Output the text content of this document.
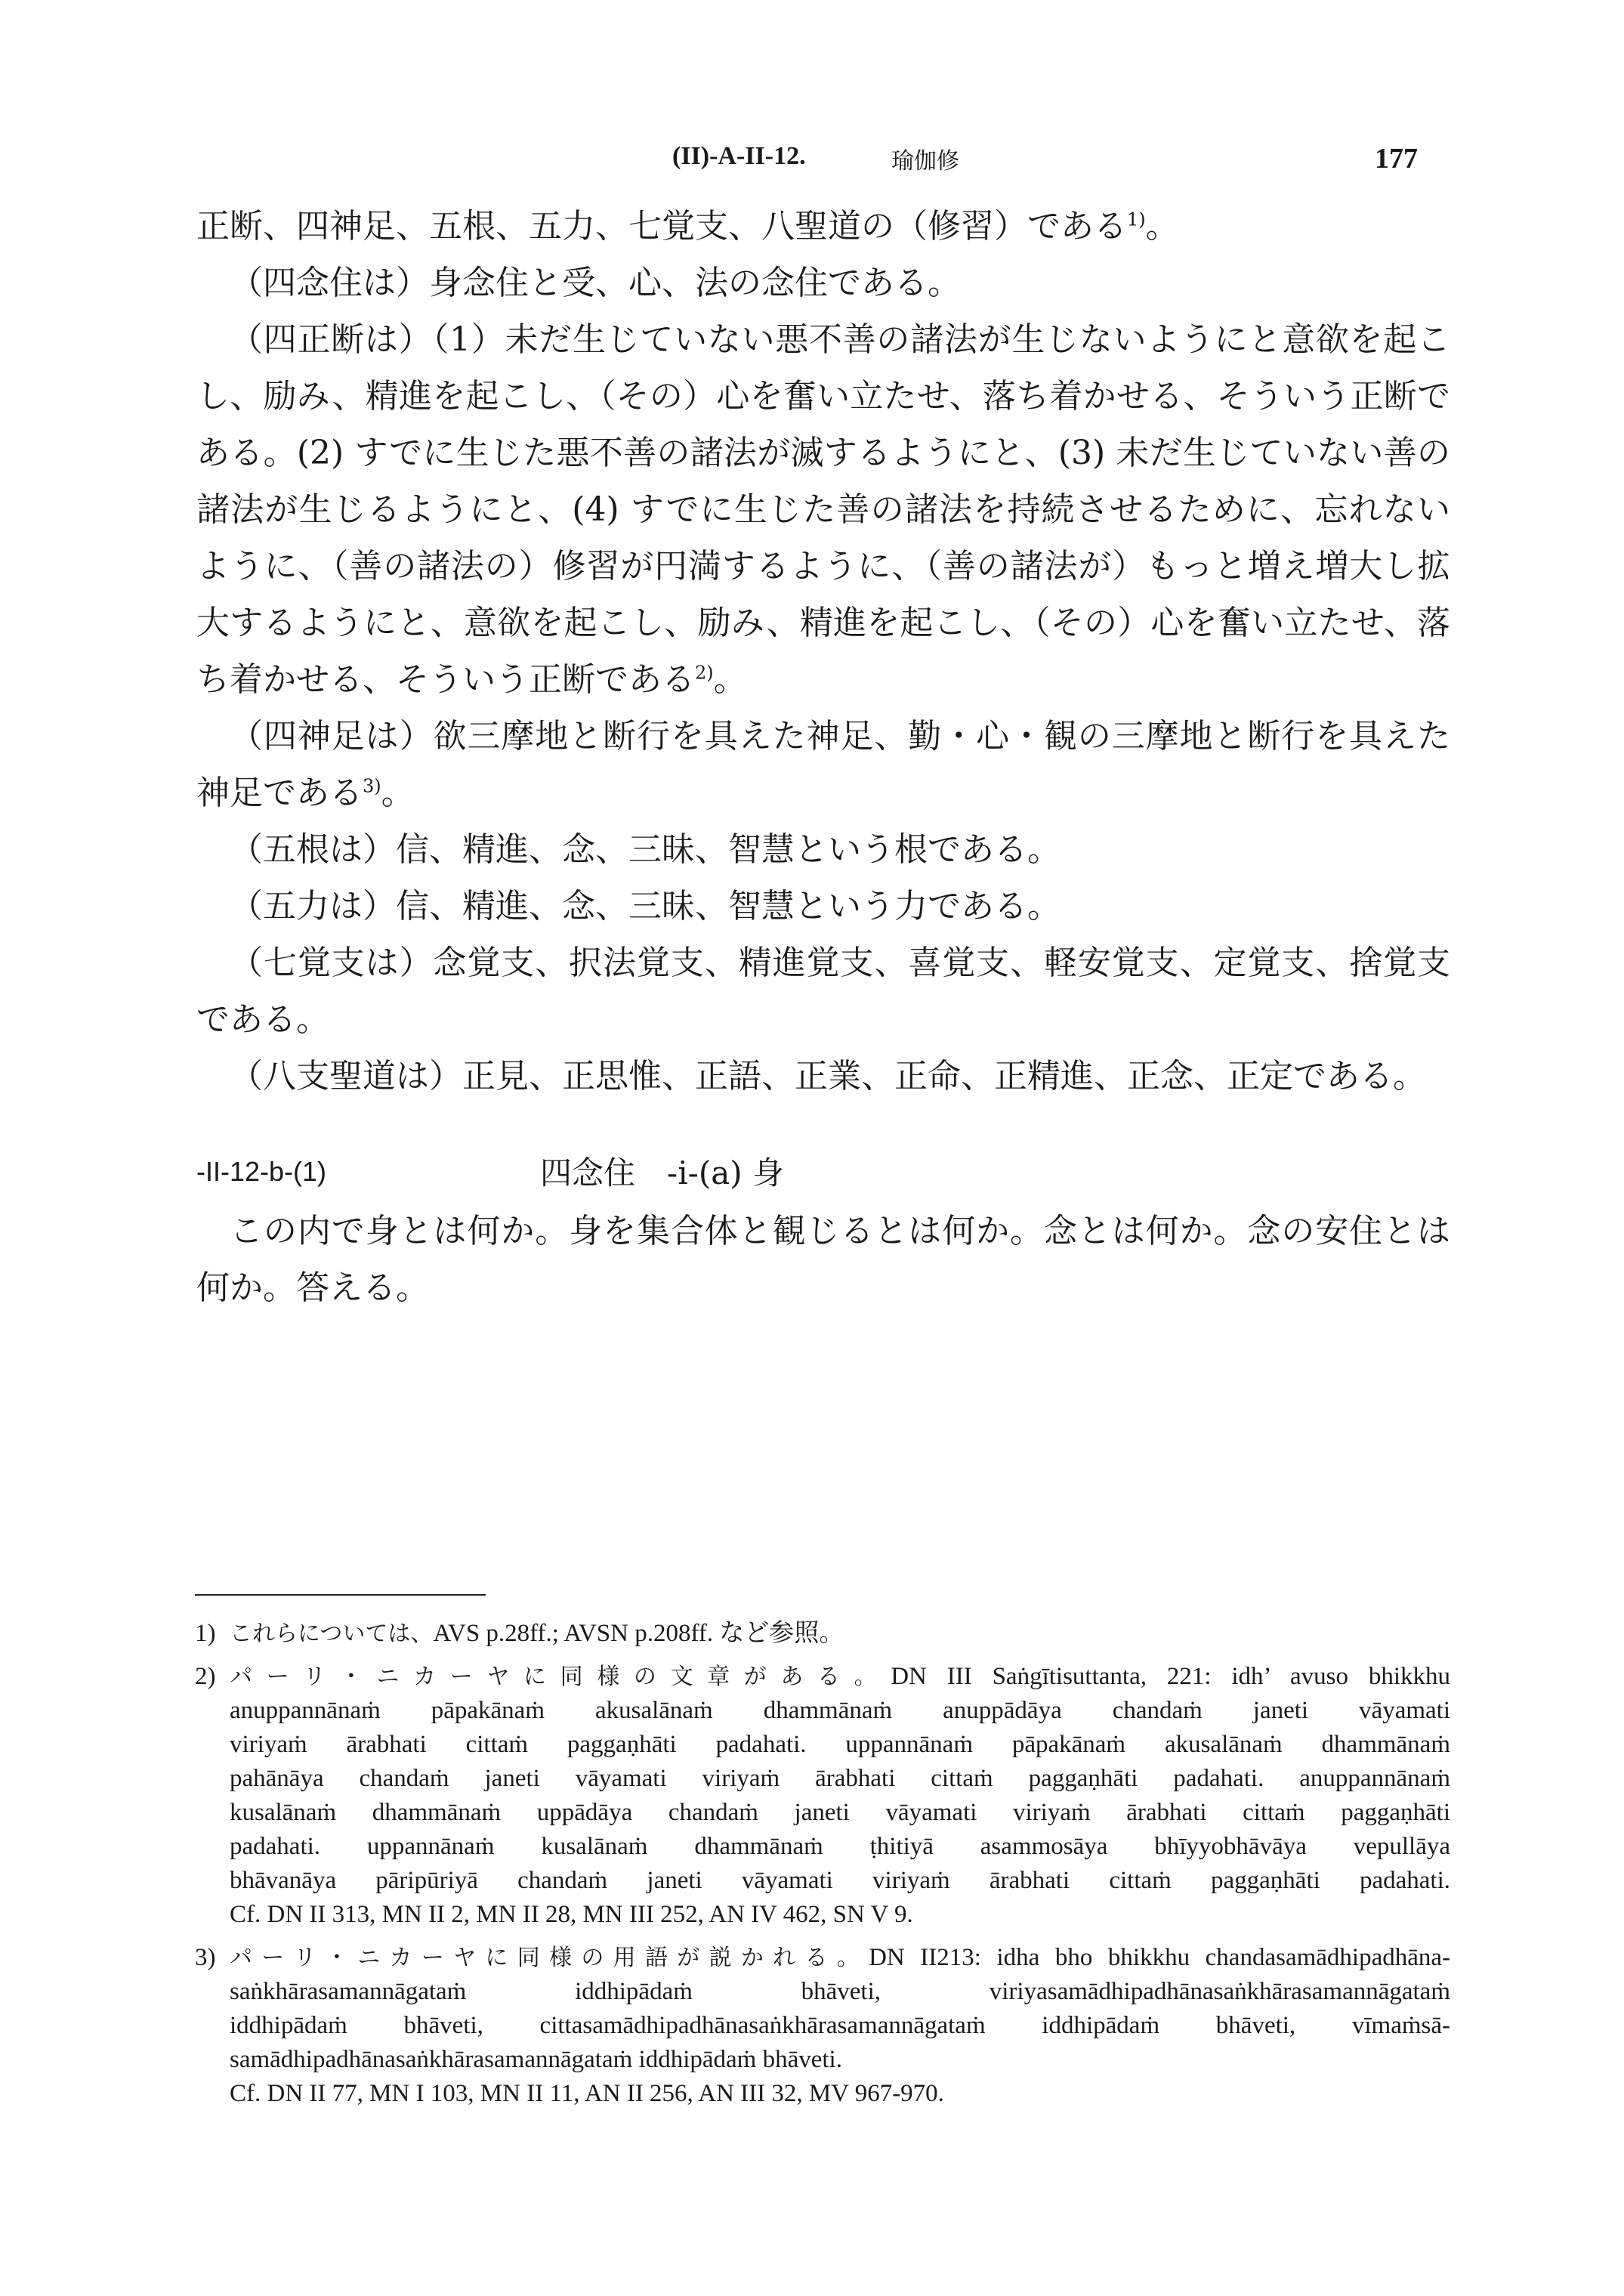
(II)-A-II-12.	瑜伽修	177

正断、四神足、五根、五力、七覚支、八聖道の（修習）である$^{1)}$。

（四念住は）身念住と受、心、法の念住である。

（四正断は）（1）未だ生じていない悪不善の諸法が生じないようにと意欲を起こし、励み、精進を起こし、（その）心を奮い立たせ、落ち着かせる、そういう正断である。(2) すでに生じた悪不善の諸法が滅するようにと、(3) 未だ生じていない善の諸法が生じるようにと、(4) すでに生じた善の諸法を持続させるために、忘れないように、（善の諸法の）修習が円満するように、（善の諸法が）もっと増え増大し拡大するようにと、意欲を起こし、励み、精進を起こし、（その）心を奮い立たせ、落ち着かせる、そういう正断である$^{2)}$。

（四神足は）欲三摩地と断行を具えた神足、勤・心・観の三摩地と断行を具えた神足である$^{3)}$。

（五根は）信、精進、念、三昧、智慧という根である。

（五力は）信、精進、念、三昧、智慧という力である。

（七覚支は）念覚支、択法覚支、精進覚支、喜覚支、軽安覚支、定覚支、捨覚支である。

（八支聖道は）正見、正思惟、正語、正業、正命、正精進、正念、正定である。

-II-12-b-(1)	四念住　-i-(a) 身

この内で身とは何か。身を集合体と観じるとは何か。念とは何か。念の安住とは何か。答える。

1) これらについては、AVS p.28ff.; AVSN p.208ff. など参照。
2) パーリ・ニカーヤに同様の文章がある。DN III Saṅgītisuttanta, 221: idh’ avuso bhikkhu
anuppannānaṁ pāpakānaṁ akusalānaṁ dhammānaṁ anuppādāya chandaṁ janeti vāyamati
viriyaṁ ārabhati cittaṁ paggaṇhāti padahati. uppannānaṁ pāpakānaṁ akusalānaṁ dhammānaṁ
pahānāya chandaṁ janeti vāyamati viriyaṁ ārabhati cittaṁ paggaṇhāti padahati. anuppannānaṁ
kusalānaṁ dhammānaṁ uppādāya chandaṁ janeti vāyamati viriyaṁ ārabhati cittaṁ paggaṇhāti
padahati. uppannānaṁ kusalānaṁ dhammānaṁ ṭhitiyā asammosāya bhīyyobhāvāya vepullāya
bhāvanāya pāripūriyā chandaṁ janeti vāyamati viriyaṁ ārabhati cittaṁ paggaṇhāti padahati.
Cf. DN II 313, MN II 2, MN II 28, MN III 252, AN IV 462, SN V 9.
3) パーリ・ニカーヤに同様の用語が説かれる。DN II213: idha bho bhikkhu chandasamādhipadhāna-
saṅkhārasamannāgataṁ iddhipādaṁ bhāveti, viriyasamādhipadhānasaṅkhārasamannāgataṁ
iddhipādaṁ bhāveti, cittasamādhipadhānasaṅkhārasamannāgataṁ iddhipādaṁ bhāveti, vīmaṁsā-
samādhipadhānasaṅkhārasamannāgataṁ iddhipādaṁ bhāveti.
Cf. DN II 77, MN I 103, MN II 11, AN II 256, AN III 32, MV 967-970.
